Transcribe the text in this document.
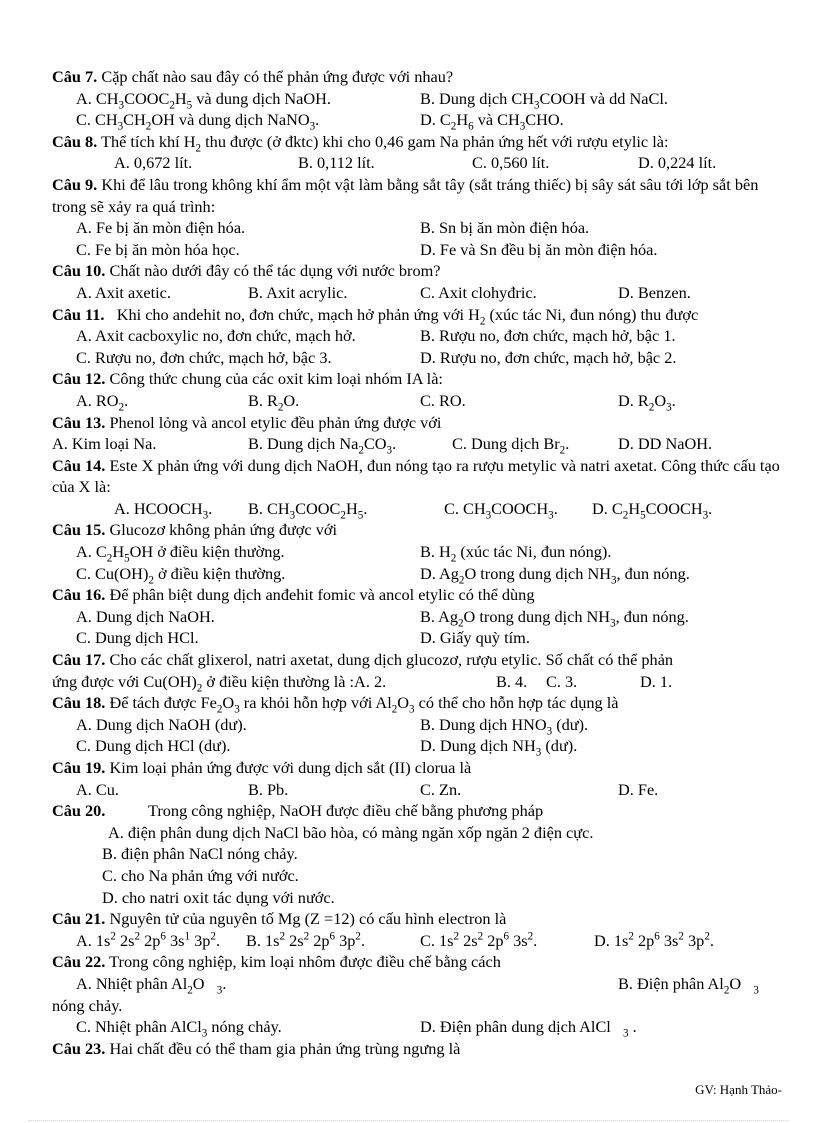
Câu 7. Cặp chất nào sau đây có thể phản ứng được với nhau?
A. $CH_3COOC_2H_5$ và dung dịch NaOH.	B. Dung dịch $CH_3COOH$ và dd NaCl.
C. $CH_3CH_2OH$ và dung dịch NaNO$_3$.	D. $C_2H_6$ và $CH_3CHO$.
Câu 8. Thể tích khí $H_2$ thu được (ở đktc) khi cho 0,46 gam Na phản ứng hết với rượu etylic là:
A. 0,672 lít.	B. 0,112 lít.	C. 0,560 lít.	D. 0,224 lít.
Câu 9. Khi để lâu trong không khí ẩm một vật làm bằng sắt tây (sắt tráng thiếc) bị sây sát sâu tới lớp sắt bên trong sẽ xảy ra quá trình:
A. Fe bị ăn mòn điện hóa.	B. Sn bị ăn mòn điện hóa.
C. Fe bị ăn mòn hóa học.	D. Fe và Sn đều bị ăn mòn điện hóa.
Câu 10. Chất nào dưới đây có thể tác dụng với nước brom?
A. Axit axetic.	B. Axit acrylic.	C. Axit clohyđric.	D. Benzen.
Câu 11. Khi cho andehit no, đơn chức, mạch hở phản ứng với $H_2$ (xúc tác Ni, đun nóng) thu được
A. Axit cacboxylic no, đơn chức, mạch hở.	B. Rượu no, đơn chức, mạch hở, bậc 1.
C. Rượu no, đơn chức, mạch hở, bậc 3.	D. Rượu no, đơn chức, mạch hở, bậc 2.
Câu 12. Công thức chung của các oxit kim loại nhóm IA là:
A. $RO_2$.	B. $R_2O$.	C. RO.	D. $R_2O_3$.
Câu 13. Phenol lỏng và ancol etylic đều phản ứng được với
A. Kim loại Na.	B. Dung dịch $Na_2CO_3$.	C. Dung dịch $Br_2$.	D. DD NaOH.
Câu 14. Este X phản ứng với dung dịch NaOH, đun nóng tạo ra rượu metylic và natri axetat. Công thức cấu tạo của X là:
A. $HCOOCH_3$. B. $CH_3COOC_2H_5$.	C. $CH_3COOCH_3$. D. $C_2H_5COOCH_3$.
Câu 15. Glucozơ không phản ứng được với
A. $C_2H_5OH$ ở điều kiện thường.	B. $H_2$ (xúc tác Ni, đun nóng).
C. $Cu(OH)_2$ ở điều kiện thường.	D. $Ag_2O$ trong dung dịch $NH_3$, đun nóng.
Câu 16. Để phân biệt dung dịch anđehit fomic và ancol etylic có thể dùng
A. Dung dịch NaOH.	B. $Ag_2O$ trong dung dịch $NH_3$, đun nóng.
C. Dung dịch HCl.	D. Giấy quỳ tím.
Câu 17. Cho các chất glixerol, natri axetat, dung dịch glucozơ, rượu etylic. Số chất có thể phản
ứng được với $Cu(OH)_2$ ở điều kiện thường là :A. 2.	B. 4. C. 3.	D. 1.
Câu 18. Để tách được $Fe_2O_3$ ra khỏi hỗn hợp với $Al_2O_3$ có thể cho hỗn hợp tác dụng là
A. Dung dịch NaOH (dư).	B. Dung dịch $HNO_3$ (dư).
C. Dung dịch HCl (dư).	D. Dung dịch $NH_3$ (dư).
Câu 19. Kim loại phản ứng được với dung dịch sắt (II) clorua là
A. Cu.	B. Pb.	C. Zn.	D. Fe.
Câu 20.	Trong công nghiệp, NaOH được điều chế bằng phương pháp
A. điện phân dung dịch NaCl bão hòa, có màng ngăn xốp ngăn 2 điện cực.
B. điện phân NaCl nóng chảy.
C. cho Na phản ứng với nước.
D. cho natri oxit tác dụng với nước.
Câu 21. Nguyên tử của nguyên tố Mg (Z =12) có cấu hình electron là
A. $1s^2$ $2s^2$ $2p^6$ $3s^1$ $3p^2$. B. $1s^2$ $2s^2$ $2p^6$ $3p^2$.	C. $1s^2$ $2s^2$ $2p^6$ $3s^2$.	D. $1s^2$ $2p^6$ $3s^2$ $3p^2$.
Câu 22. Trong công nghiệp, kim loại nhôm được điều chế bằng cách
A. Nhiệt phân $Al_2O$   $_3$.	B. Điện phân $Al_2O$   $_3$
nóng chảy.
C. Nhiệt phân AlCl$_3$ nóng chảy.	D. Điện phân dung dịch AlCl   $_3$ .
Câu 23. Hai chất đều có thể tham gia phản ứng trùng ngưng là
GV: Hạnh Thảo-
